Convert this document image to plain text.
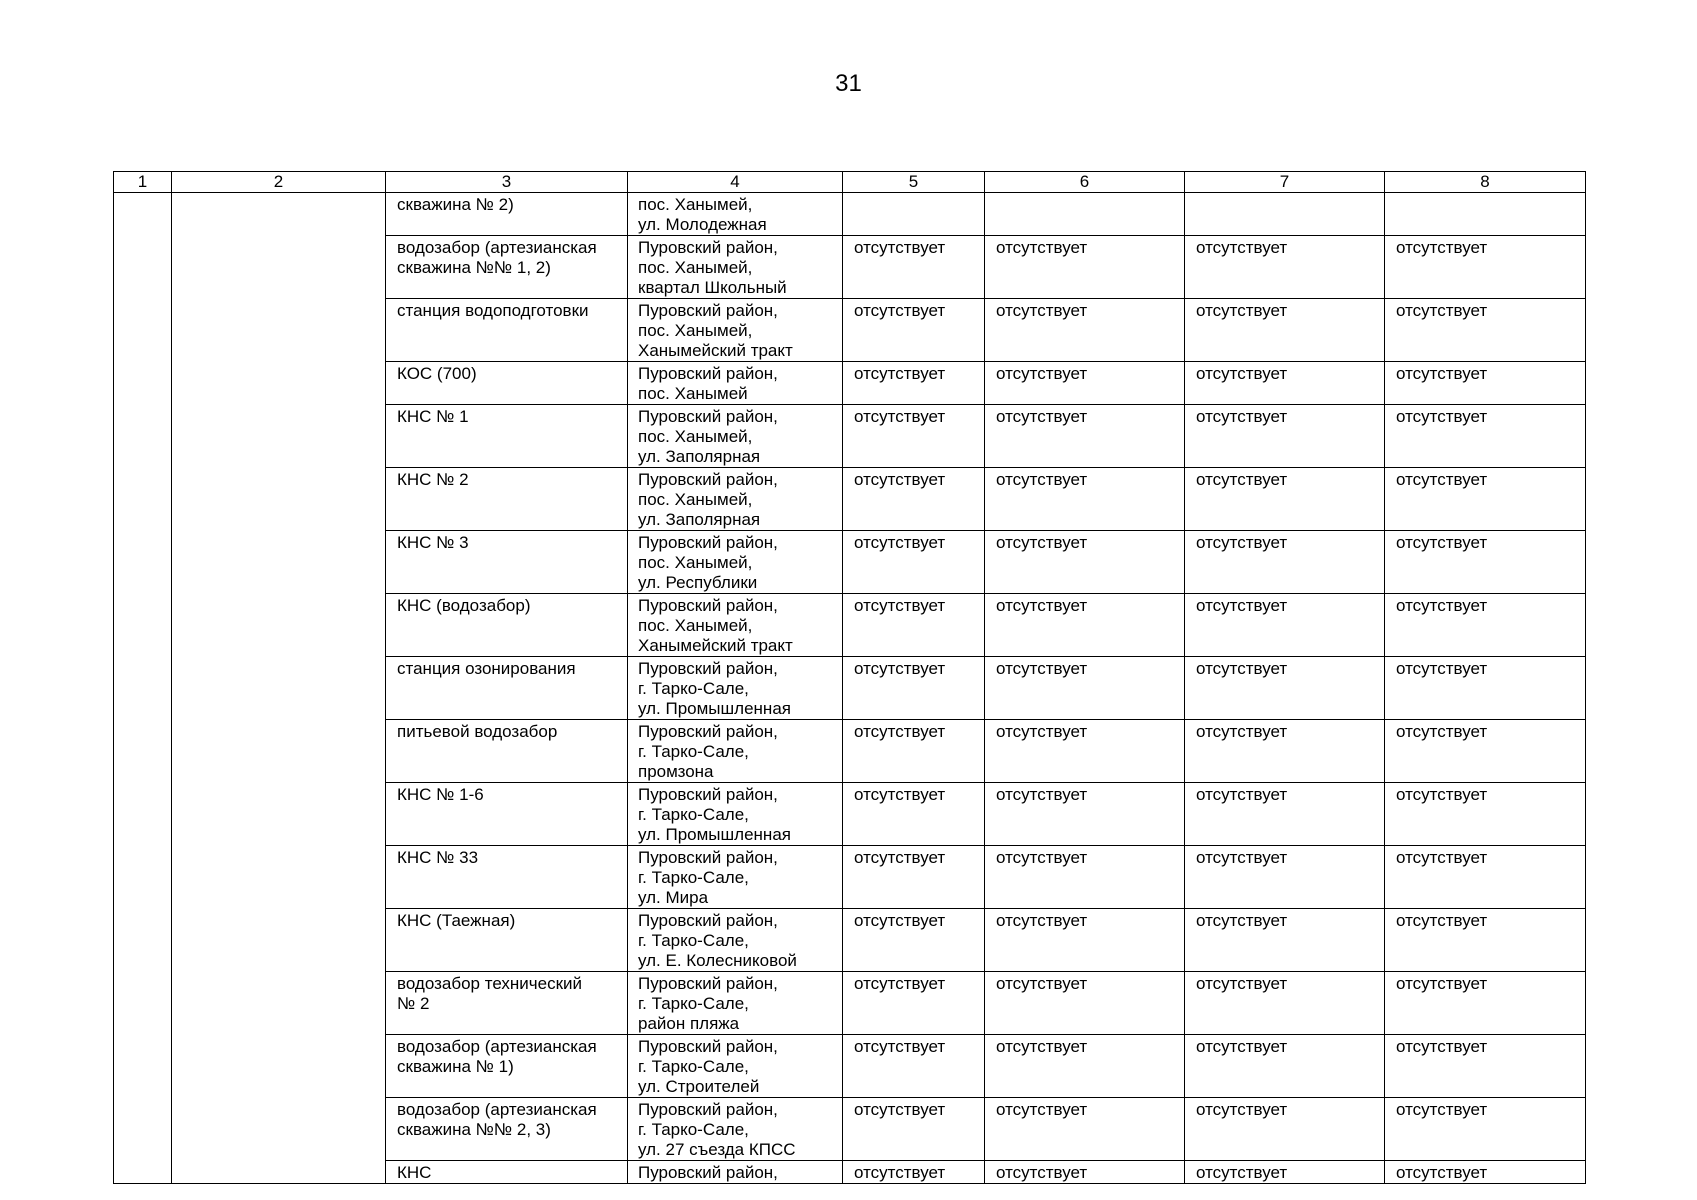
31
1	2	3	4	5	6	7	8
		скважина № 2)	пос. Ханымей,
ул. Молодежная				
		водозабор (артезианская
скважина №№ 1, 2)	Пуровский район,
пос. Ханымей,
квартал Школьный	отсутствует	отсутствует	отсутствует	отсутствует
		станция водоподготовки	Пуровский район,
пос. Ханымей,
Ханымейский тракт	отсутствует	отсутствует	отсутствует	отсутствует
		КОС (700)	Пуровский район,
пос. Ханымей	отсутствует	отсутствует	отсутствует	отсутствует
		КНС № 1	Пуровский район,
пос. Ханымей,
ул. Заполярная	отсутствует	отсутствует	отсутствует	отсутствует
		КНС № 2	Пуровский район,
пос. Ханымей,
ул. Заполярная	отсутствует	отсутствует	отсутствует	отсутствует
		КНС № 3	Пуровский район,
пос. Ханымей,
ул. Республики	отсутствует	отсутствует	отсутствует	отсутствует
		КНС (водозабор)	Пуровский район,
пос. Ханымей,
Ханымейский тракт	отсутствует	отсутствует	отсутствует	отсутствует
		станция озонирования	Пуровский район,
г. Тарко-Сале,
ул. Промышленная	отсутствует	отсутствует	отсутствует	отсутствует
		питьевой водозабор	Пуровский район,
г. Тарко-Сале,
промзона	отсутствует	отсутствует	отсутствует	отсутствует
		КНС № 1-6	Пуровский район,
г. Тарко-Сале,
ул. Промышленная	отсутствует	отсутствует	отсутствует	отсутствует
		КНС № 33	Пуровский район,
г. Тарко-Сале,
ул. Мира	отсутствует	отсутствует	отсутствует	отсутствует
		КНС (Таежная)	Пуровский район,
г. Тарко-Сале,
ул. Е. Колесниковой	отсутствует	отсутствует	отсутствует	отсутствует
		водозабор технический
№ 2	Пуровский район,
г. Тарко-Сале,
район пляжа	отсутствует	отсутствует	отсутствует	отсутствует
		водозабор (артезианская
скважина № 1)	Пуровский район,
г. Тарко-Сале,
ул. Строителей	отсутствует	отсутствует	отсутствует	отсутствует
		водозабор (артезианская
скважина №№ 2, 3)	Пуровский район,
г. Тарко-Сале,
ул. 27 съезда КПСС	отсутствует	отсутствует	отсутствует	отсутствует
		КНС	Пуровский район,	отсутствует	отсутствует	отсутствует	отсутствует
